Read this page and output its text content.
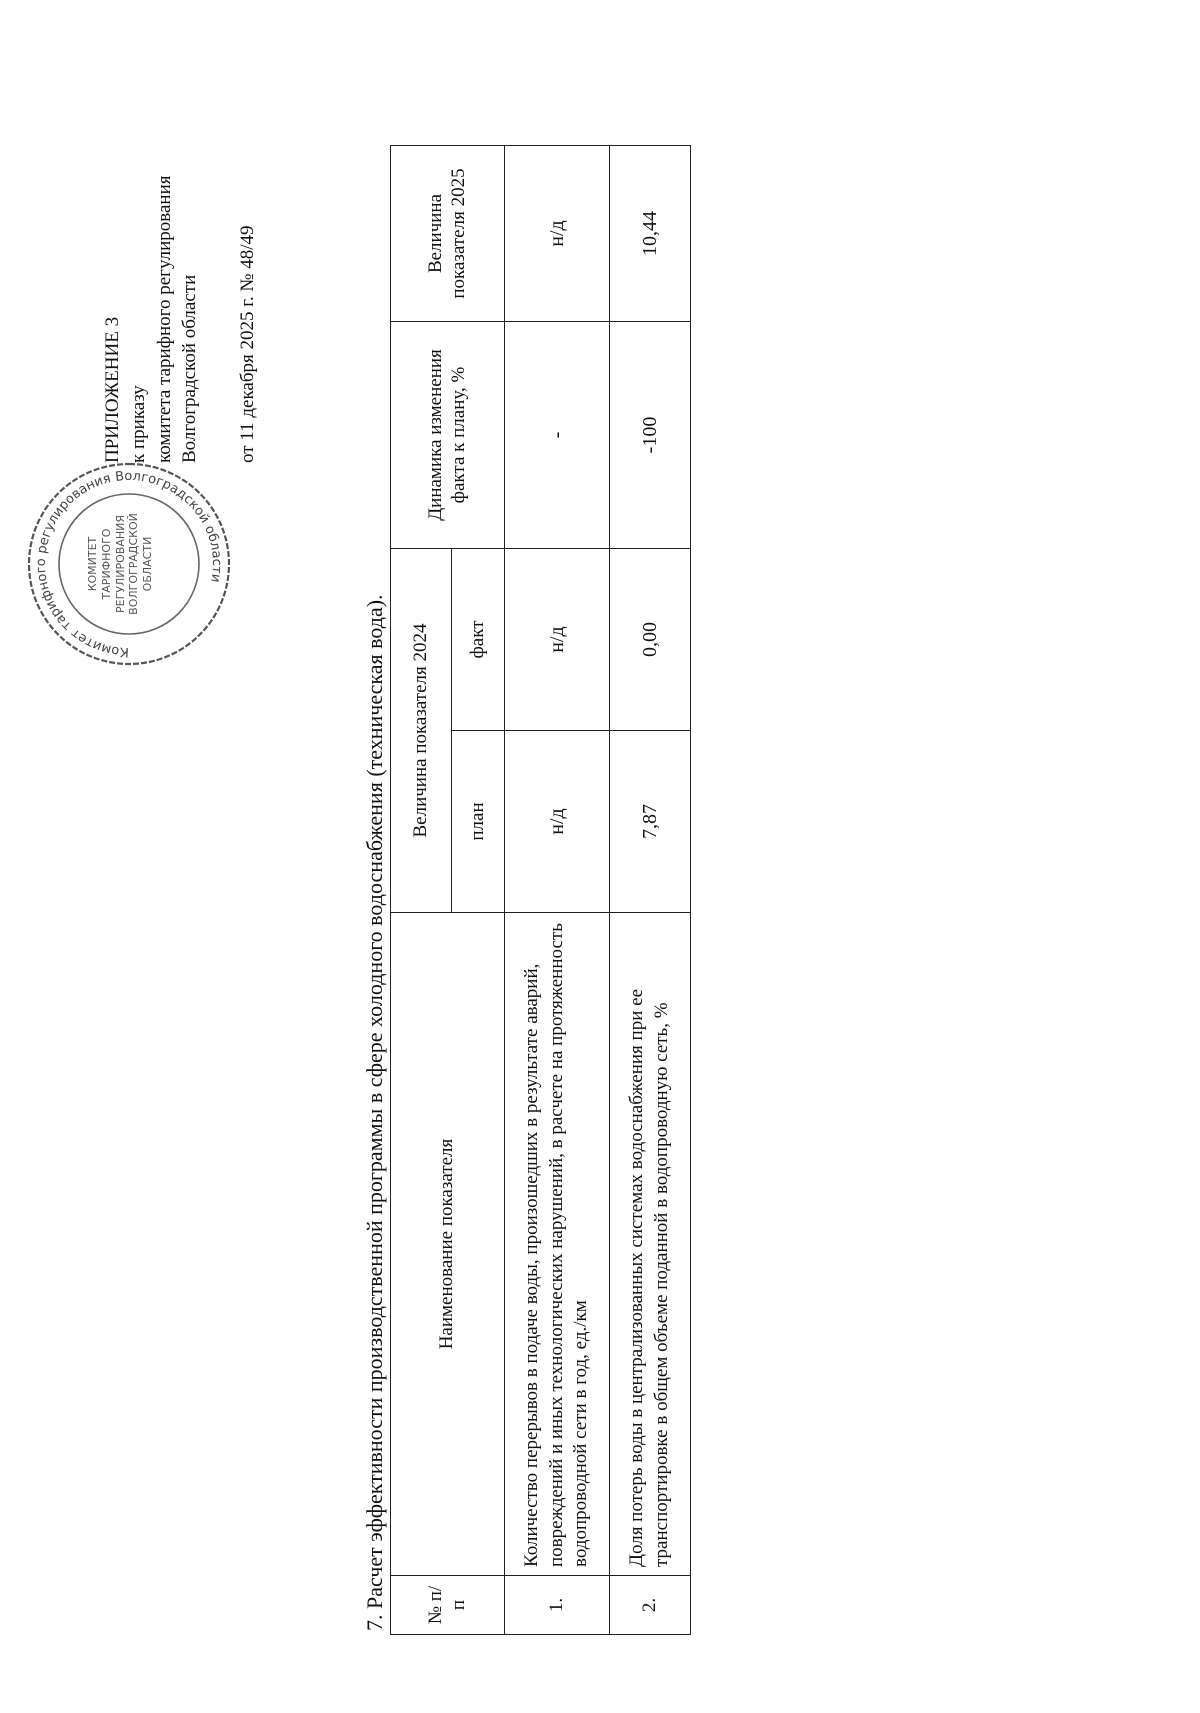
Комитет тарифного регулирования Волгоградской области
КОМИТЕТ ТАРИФНОГО РЕГУЛИРОВАНИЯ ВОЛГОГРАДСКОЙ ОБЛАСТИ
ПРИЛОЖЕНИЕ 3 к приказу комитета тарифного регулирования Волгоградской области от 11 декабря 2025 г. № 48/49
7. Расчет эффективности производственной программы в сфере холодного водоснабжения (техническая вода). № п/п	Наименование показателя	Величина показателя 2024		Динамика изменения факта к плану, %	Величина показателя 2025
		план	факт		
1.	Количество перерывов в подаче воды, произошедших в результате аварий, повреждений и иных технологических нарушений, в расчете на протяженность водопроводной сети в год, ед./км	н/д	н/д	-	н/д
2.	Доля потерь воды в централизованных системах водоснабжения при ее транспортировке в общем объеме поданной в водопроводную сеть, %	7,87	0,00	-100	10,44
